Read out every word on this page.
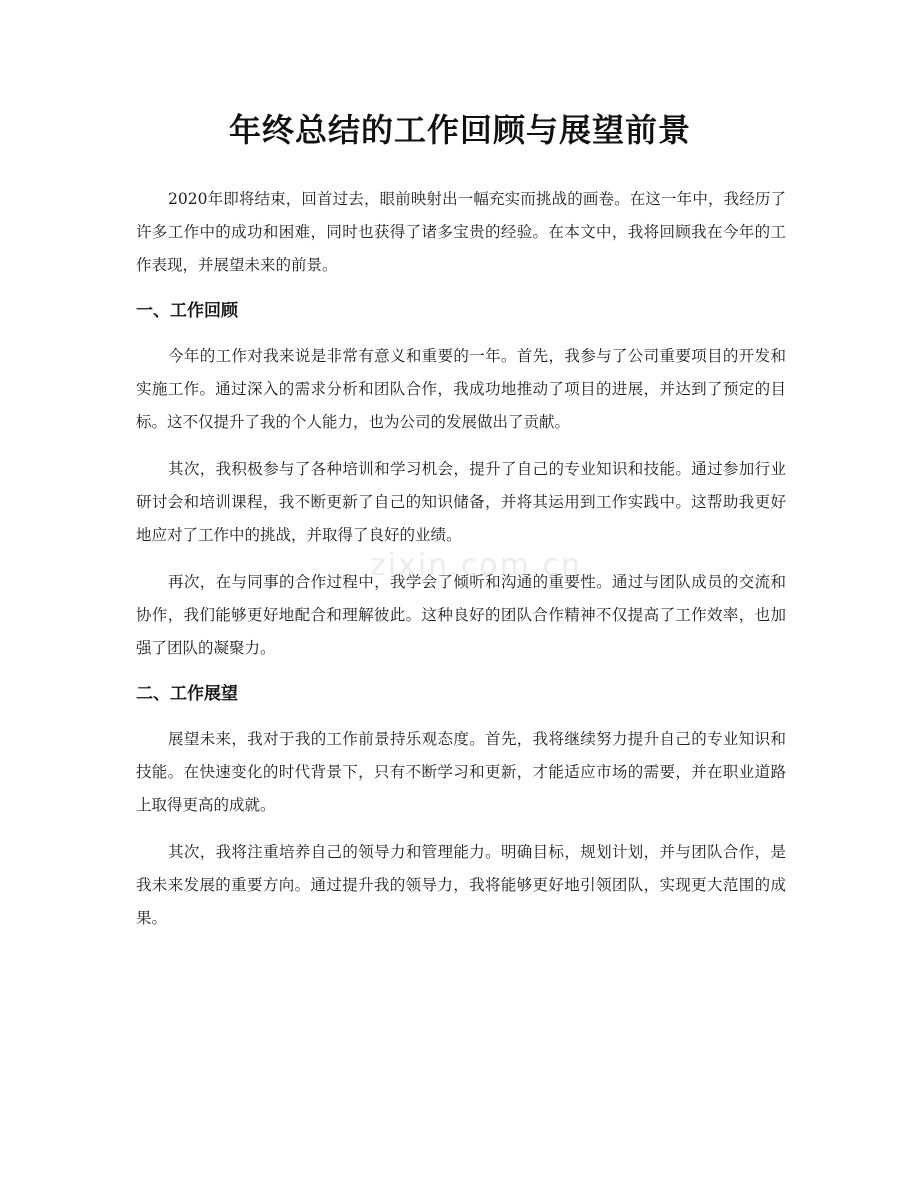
年终总结的工作回顾与展望前景
zixin.com.cn

2020年即将结束，回首过去，眼前映射出一幅充实而挑战的画卷。在这一年中，我经历了许多工作中的成功和困难，同时也获得了诸多宝贵的经验。在本文中，我将回顾我在今年的工作表现，并展望未来的前景。

一、工作回顾

今年的工作对我来说是非常有意义和重要的一年。首先，我参与了公司重要项目的开发和实施工作。通过深入的需求分析和团队合作，我成功地推动了项目的进展，并达到了预定的目标。这不仅提升了我的个人能力，也为公司的发展做出了贡献。

其次，我积极参与了各种培训和学习机会，提升了自己的专业知识和技能。通过参加行业研讨会和培训课程，我不断更新了自己的知识储备，并将其运用到工作实践中。这帮助我更好地应对了工作中的挑战，并取得了良好的业绩。

再次，在与同事的合作过程中，我学会了倾听和沟通的重要性。通过与团队成员的交流和协作，我们能够更好地配合和理解彼此。这种良好的团队合作精神不仅提高了工作效率，也加强了团队的凝聚力。

二、工作展望

展望未来，我对于我的工作前景持乐观态度。首先，我将继续努力提升自己的专业知识和技能。在快速变化的时代背景下，只有不断学习和更新，才能适应市场的需要，并在职业道路上取得更高的成就。

其次，我将注重培养自己的领导力和管理能力。明确目标，规划计划，并与团队合作，是我未来发展的重要方向。通过提升我的领导力，我将能够更好地引领团队，实现更大范围的成果。
